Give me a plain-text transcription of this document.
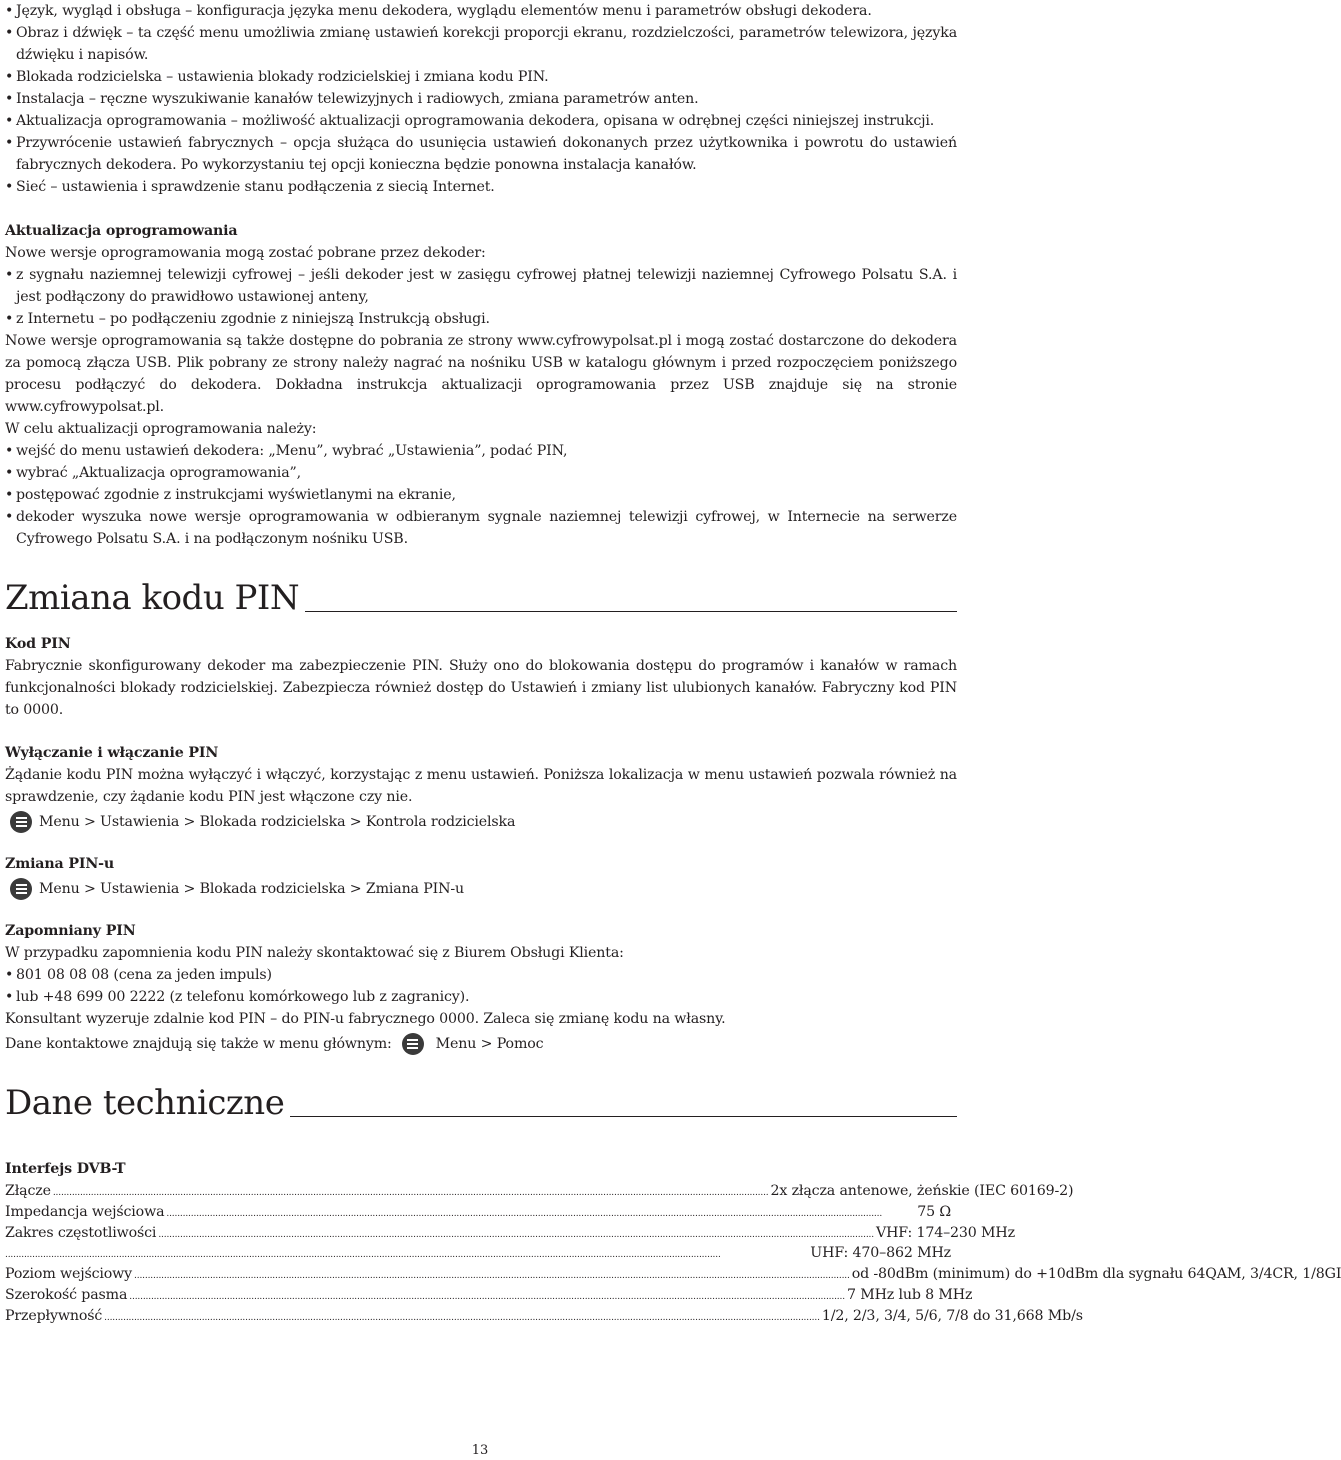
• Język, wygląd i obsługa – konfiguracja języka menu dekodera, wyglądu elementów menu i parametrów obsługi dekodera.

• Obraz i dźwięk – ta część menu umożliwia zmianę ustawień korekcji proporcji ekranu, rozdzielczości, parametrów telewizora, języka dźwięku i napisów.

• Blokada rodzicielska – ustawienia blokady rodzicielskiej i zmiana kodu PIN.

• Instalacja – ręczne wyszukiwanie kanałów telewizyjnych i radiowych, zmiana parametrów anten.

• Aktualizacja oprogramowania – możliwość aktualizacji oprogramowania dekodera, opisana w odrębnej części niniejszej instrukcji.

• Przywrócenie ustawień fabrycznych – opcja służąca do usunięcia ustawień dokonanych przez użytkownika i powrotu do ustawień fabrycznych dekodera. Po wykorzystaniu tej opcji konieczna będzie ponowna instalacja kanałów.

• Sieć – ustawienia i sprawdzenie stanu podłączenia z siecią Internet.

Aktualizacja oprogramowania

Nowe wersje oprogramowania mogą zostać pobrane przez dekoder:

• z sygnału naziemnej telewizji cyfrowej – jeśli dekoder jest w zasięgu cyfrowej płatnej telewizji naziemnej Cyfrowego Polsatu S.A. i jest podłączony do prawidłowo ustawionej anteny,

• z Internetu – po podłączeniu zgodnie z niniejszą Instrukcją obsługi.

Nowe wersje oprogramowania są także dostępne do pobrania ze strony www.cyfrowypolsat.pl i mogą zostać dostarczone do dekodera za pomocą złącza USB. Plik pobrany ze strony należy nagrać na nośniku USB w katalogu głównym i przed rozpoczęciem poniższego procesu podłączyć do dekodera. Dokładna instrukcja aktualizacji oprogramowania przez USB znajduje się na stronie www.cyfrowypolsat.pl.

W celu aktualizacji oprogramowania należy:

• wejść do menu ustawień dekodera: „Menu”, wybrać „Ustawienia”, podać PIN,

• wybrać „Aktualizacja oprogramowania”,

• postępować zgodnie z instrukcjami wyświetlanymi na ekranie,

• dekoder wyszuka nowe wersje oprogramowania w odbieranym sygnale naziemnej telewizji cyfrowej, w Internecie na serwerze Cyfrowego Polsatu S.A. i na podłączonym nośniku USB.

Zmiana kodu PIN

Kod PIN

Fabrycznie skonfigurowany dekoder ma zabezpieczenie PIN. Służy ono do blokowania dostępu do programów i kanałów w ramach funkcjonalności blokady rodzicielskiej. Zabezpiecza również dostęp do Ustawień i zmiany list ulubionych kanałów. Fabryczny kod PIN to 0000.

Wyłączanie i włączanie PIN

Żądanie kodu PIN można wyłączyć i włączyć, korzystając z menu ustawień. Poniższa lokalizacja w menu ustawień pozwala również na sprawdzenie, czy żądanie kodu PIN jest włączone czy nie.

Menu > Ustawienia > Blokada rodzicielska > Kontrola rodzicielska

Zmiana PIN-u

Menu > Ustawienia > Blokada rodzicielska > Zmiana PIN-u

Zapomniany PIN

W przypadku zapomnienia kodu PIN należy skontaktować się z Biurem Obsługi Klienta:

• 801 08 08 08 (cena za jeden impuls)

• lub +48 699 00 2222 (z telefonu komórkowego lub z zagranicy).

Konsultant wyzeruje zdalnie kod PIN – do PIN-u fabrycznego 0000. Zaleca się zmianę kodu na własny.

Dane kontaktowe znajdują się także w menu głównym:	Menu > Pomoc

Dane techniczne

Interfejs DVB-T

Złącze ........................................................................................................................................................................................................................................................................ 2x złącza antenowe, żeńskie (IEC 60169-2)
Impedancja wejściowa ........................................................................................................................................................................................................................................................................	75 Ω
Zakres częstotliwości ........................................................................................................................................................................................................................................................................ VHF: 174–230 MHz
........................................................................................................................................................................................................................................................................	UHF: 470–862 MHz
Poziom wejściowy ........................................................................................................................................................................................................................................................................ od -80dBm (minimum) do +10dBm dla sygnału 64QAM, 3/4CR, 1/8GI
Szerokość pasma ........................................................................................................................................................................................................................................................................ 7 MHz lub 8 MHz
Przepływność ........................................................................................................................................................................................................................................................................ 1/2, 2/3, 3/4, 5/6, 7/8 do 31,668 Mb/s
13
